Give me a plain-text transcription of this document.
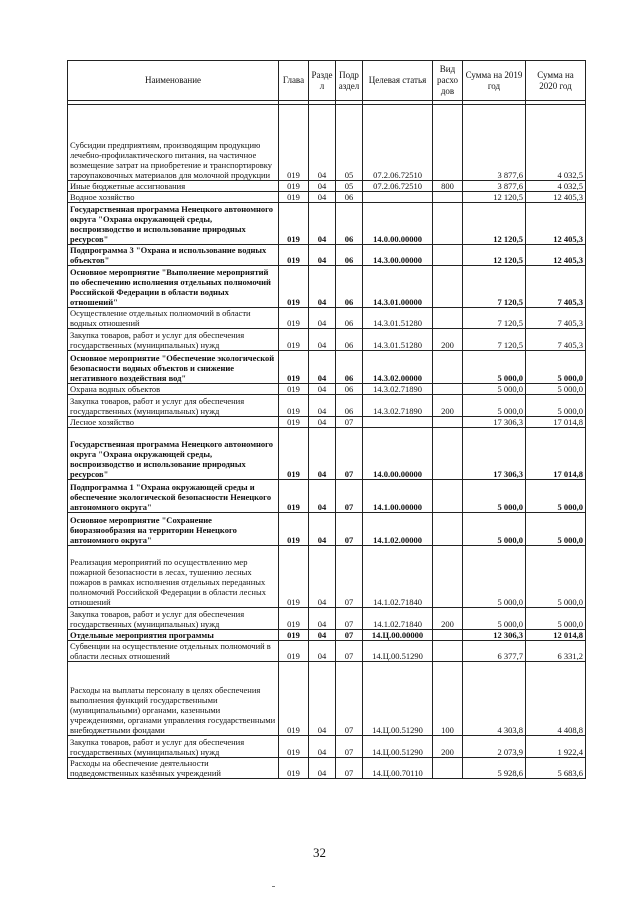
Наименование	Глава	Разде л	Подр аздел	Целевая статья	Вид расхо дов	Сумма на 2019 год	Сумма на 2020 год

Субсидии предприятиям, производящим продукцию лечебно-профилактического питания, на частичное возмещение затрат на приобретение и транспортировку тароупаковочных материалов для молочной продукции	019	04	05	07.2.06.72510		3 877,6	4 032,5
Иные бюджетные ассигнования	019	04	05	07.2.06.72510	800	3 877,6	4 032,5
Водное хозяйство	019	04	06			12 120,5	12 405,3
Государственная программа Ненецкого автономного округа "Охрана окружающей среды, воспроизводство и использование природных ресурсов"	019	04	06	14.0.00.00000		12 120,5	12 405,3
Подпрограмма 3 "Охрана и использование водных объектов"	019	04	06	14.3.00.00000		12 120,5	12 405,3
Основное мероприятие "Выполнение мероприятий по обеспечению исполнения отдельных полномочий Российской Федерации в области водных отношений"	019	04	06	14.3.01.00000		7 120,5	7 405,3
Осуществление отдельных полномочий в области водных отношений	019	04	06	14.3.01.51280		7 120,5	7 405,3
Закупка товаров, работ и услуг для обеспечения государственных (муниципальных) нужд	019	04	06	14.3.01.51280	200	7 120,5	7 405,3
Основное мероприятие "Обеспечение экологической безопасности водных объектов и снижение негативного воздействия вод"	019	04	06	14.3.02.00000		5 000,0	5 000,0
Охрана водных объектов	019	04	06	14.3.02.71890		5 000,0	5 000,0
Закупка товаров, работ и услуг для обеспечения государственных (муниципальных) нужд	019	04	06	14.3.02.71890	200	5 000,0	5 000,0
Лесное хозяйство	019	04	07			17 306,3	17 014,8
Государственная программа Ненецкого автономного округа "Охрана окружающей среды, воспроизводство и использование природных ресурсов"	019	04	07	14.0.00.00000		17 306,3	17 014,8
Подпрограмма 1 "Охрана окружающей среды и обеспечение экологической безопасности Ненецкого автономного округа"	019	04	07	14.1.00.00000		5 000,0	5 000,0
Основное мероприятие "Сохранение биоразнообразия на территории Ненецкого автономного округа"	019	04	07	14.1.02.00000		5 000,0	5 000,0
Реализация мероприятий по осуществлению мер пожарной безопасности в лесах, тушению лесных пожаров в рамках исполнения отдельных переданных полномочий Российской Федерации в области лесных отношений	019	04	07	14.1.02.71840		5 000,0	5 000,0
Закупка товаров, работ и услуг для обеспечения государственных (муниципальных) нужд	019	04	07	14.1.02.71840	200	5 000,0	5 000,0
Отдельные мероприятия программы	019	04	07	14.Ц.00.00000		12 306,3	12 014,8
Субвенции на осуществление отдельных полномочий в области лесных отношений	019	04	07	14.Ц.00.51290		6 377,7	6 331,2
Расходы на выплаты персоналу в целях обеспечения выполнения функций государственными (муниципальными) органами, казенными учреждениями, органами управления государственными внебюджетными фондами	019	04	07	14.Ц.00.51290	100	4 303,8	4 408,8
Закупка товаров, работ и услуг для обеспечения государственных (муниципальных) нужд	019	04	07	14.Ц.00.51290	200	2 073,9	1 922,4
Расходы на обеспечение деятельности подведомственных казённых учреждений	019	04	07	14.Ц.00.70110		5 928,6	5 683,6
32
